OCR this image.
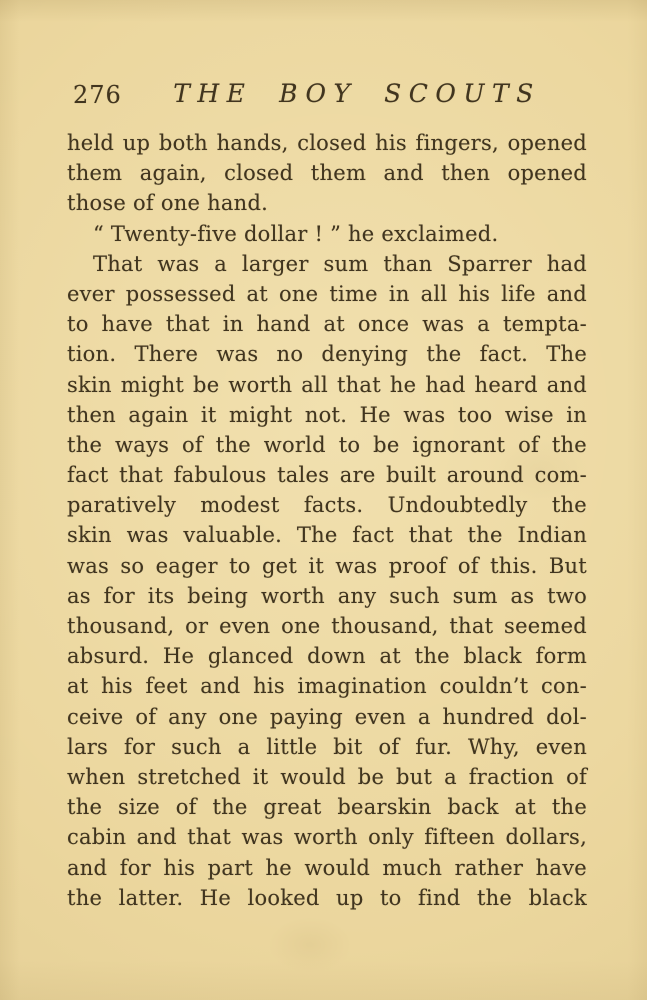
276	THE BOY SCOUTS
held up both hands, closed his fingers, opened
them again, closed them and then opened
those of one hand.
“ Twenty-five dollar ! ” he exclaimed.
That was a larger sum than Sparrer had
ever possessed at one time in all his life and
to have that in hand at once was a tempta-
tion. There was no denying the fact. The
skin might be worth all that he had heard and
then again it might not. He was too wise in
the ways of the world to be ignorant of the
fact that fabulous tales are built around com-
paratively modest facts. Undoubtedly the
skin was valuable. The fact that the Indian
was so eager to get it was proof of this. But
as for its being worth any such sum as two
thousand, or even one thousand, that seemed
absurd. He glanced down at the black form
at his feet and his imagination couldn’t con-
ceive of any one paying even a hundred dol-
lars for such a little bit of fur. Why, even
when stretched it would be but a fraction of
the size of the great bearskin back at the
cabin and that was worth only fifteen dollars,
and for his part he would much rather have
the latter. He looked up to find the black
